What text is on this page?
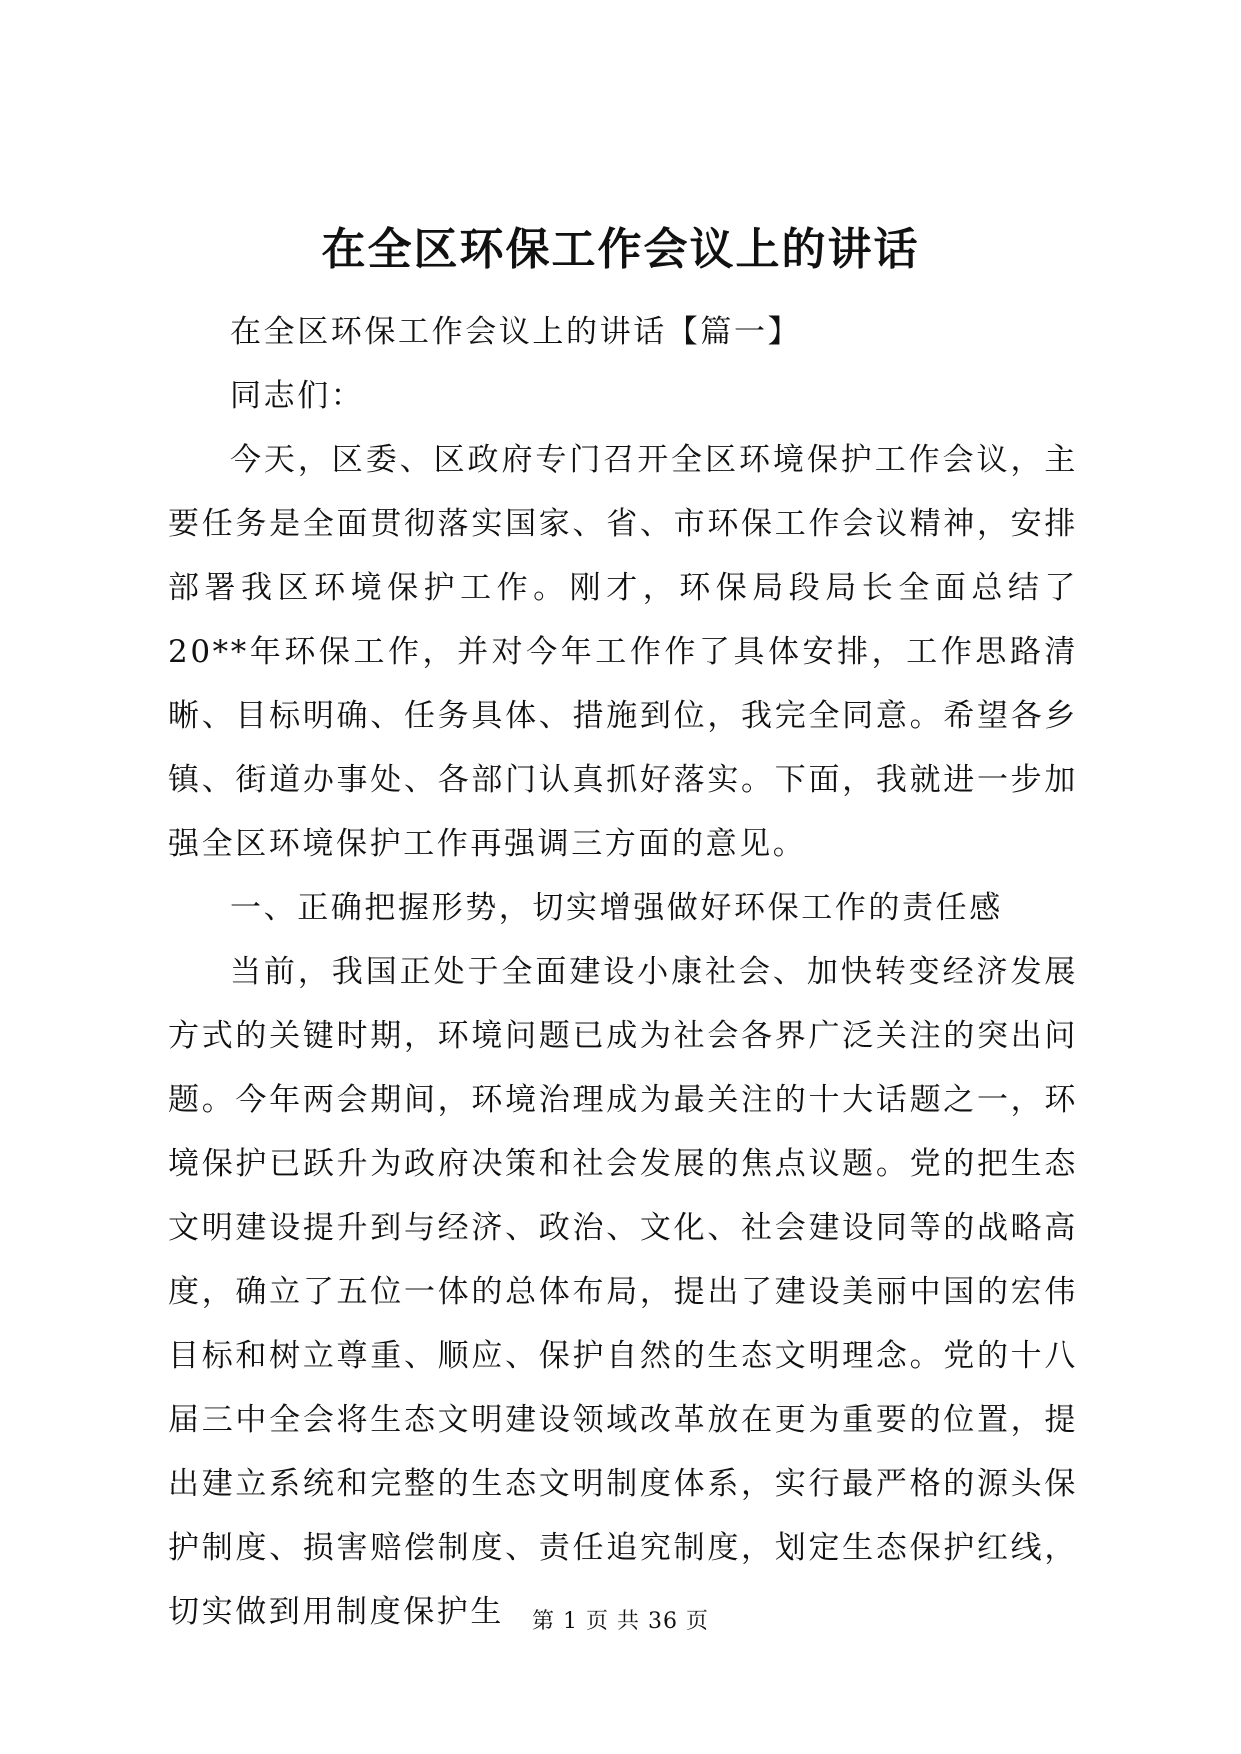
在全区环保工作会议上的讲话

在全区环保工作会议上的讲话【篇一】

同志们：

今天，区委、区政府专门召开全区环境保护工作会议，主要任务是全面贯彻落实国家、省、市环保工作会议精神，安排部署我区环境保护工作。刚才，环保局段局长全面总结了20**年环保工作，并对今年工作作了具体安排，工作思路清晰、目标明确、任务具体、措施到位，我完全同意。希望各乡镇、街道办事处、各部门认真抓好落实。下面，我就进一步加强全区环境保护工作再强调三方面的意见。

一、正确把握形势，切实增强做好环保工作的责任感

当前，我国正处于全面建设小康社会、加快转变经济发展方式的关键时期，环境问题已成为社会各界广泛关注的突出问题。今年两会期间，环境治理成为最关注的十大话题之一，环境保护已跃升为政府决策和社会发展的焦点议题。党的把生态文明建设提升到与经济、政治、文化、社会建设同等的战略高度，确立了五位一体的总体布局，提出了建设美丽中国的宏伟目标和树立尊重、顺应、保护自然的生态文明理念。党的十八届三中全会将生态文明建设领域改革放在更为重要的位置，提出建立系统和完整的生态文明制度体系，实行最严格的源头保护制度、损害赔偿制度、责任追究制度，划定生态保护红线，切实做到用制度保护生	第 1 页 共 36 页
